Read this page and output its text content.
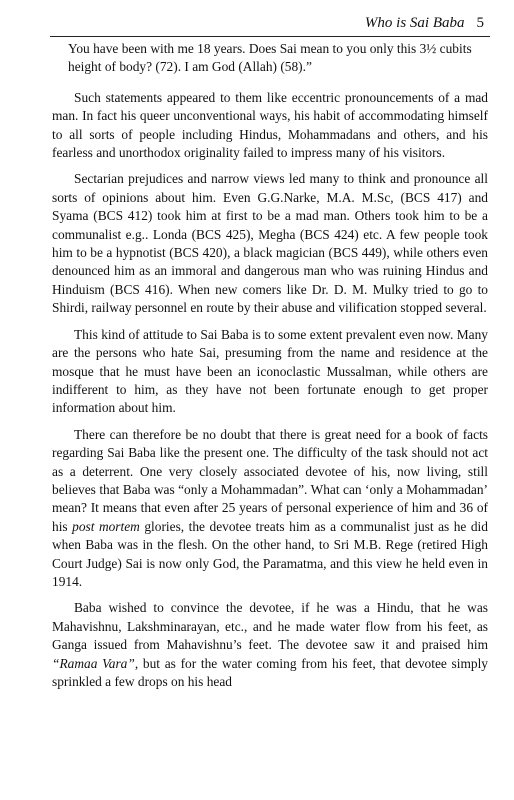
Who is Sai Baba 5

You have been with me 18 years. Does Sai mean to you only this 3½ cubits height of body? (72). I am God (Allah) (58).”

Such statements appeared to them like eccentric pronouncements of a mad man. In fact his queer unconventional ways, his habit of accommodating himself to all sorts of people including Hindus, Mohammadans and others, and his fearless and unorthodox originality failed to impress many of his visitors.

Sectarian prejudices and narrow views led many to think and pronounce all sorts of opinions about him. Even G.G.Narke, M.A. M.Sc, (BCS 417) and Syama (BCS 412) took him at first to be a mad man. Others took him to be a communalist e.g.. Londa (BCS 425), Megha (BCS 424) etc. A few people took him to be a hypnotist (BCS 420), a black magician (BCS 449), while others even denounced him as an immoral and dangerous man who was ruining Hindus and Hinduism (BCS 416). When new comers like Dr. D. M. Mulky tried to go to Shirdi, railway personnel en route by their abuse and vilification stopped several.

This kind of attitude to Sai Baba is to some extent prevalent even now. Many are the persons who hate Sai, presuming from the name and residence at the mosque that he must have been an iconoclastic Mussalman, while others are indifferent to him, as they have not been fortunate enough to get proper information about him.

There can therefore be no doubt that there is great need for a book of facts regarding Sai Baba like the present one. The difficulty of the task should not act as a deterrent. One very closely associated devotee of his, now living, still believes that Baba was “only a Mohammadan”. What can ‘only a Mohammadan’ mean? It means that even after 25 years of personal experience of him and 36 of his post mortem glories, the devotee treats him as a communalist just as he did when Baba was in the flesh. On the other hand, to Sri M.B. Rege (retired High Court Judge) Sai is now only God, the Paramatma, and this view he held even in 1914.

Baba wished to convince the devotee, if he was a Hindu, that he was Mahavishnu, Lakshminarayan, etc., and he made water flow from his feet, as Ganga issued from Mahavishnu’s feet. The devotee saw it and praised him “Ramaa Vara”, but as for the water coming from his feet, that devotee simply sprinkled a few drops on his head
